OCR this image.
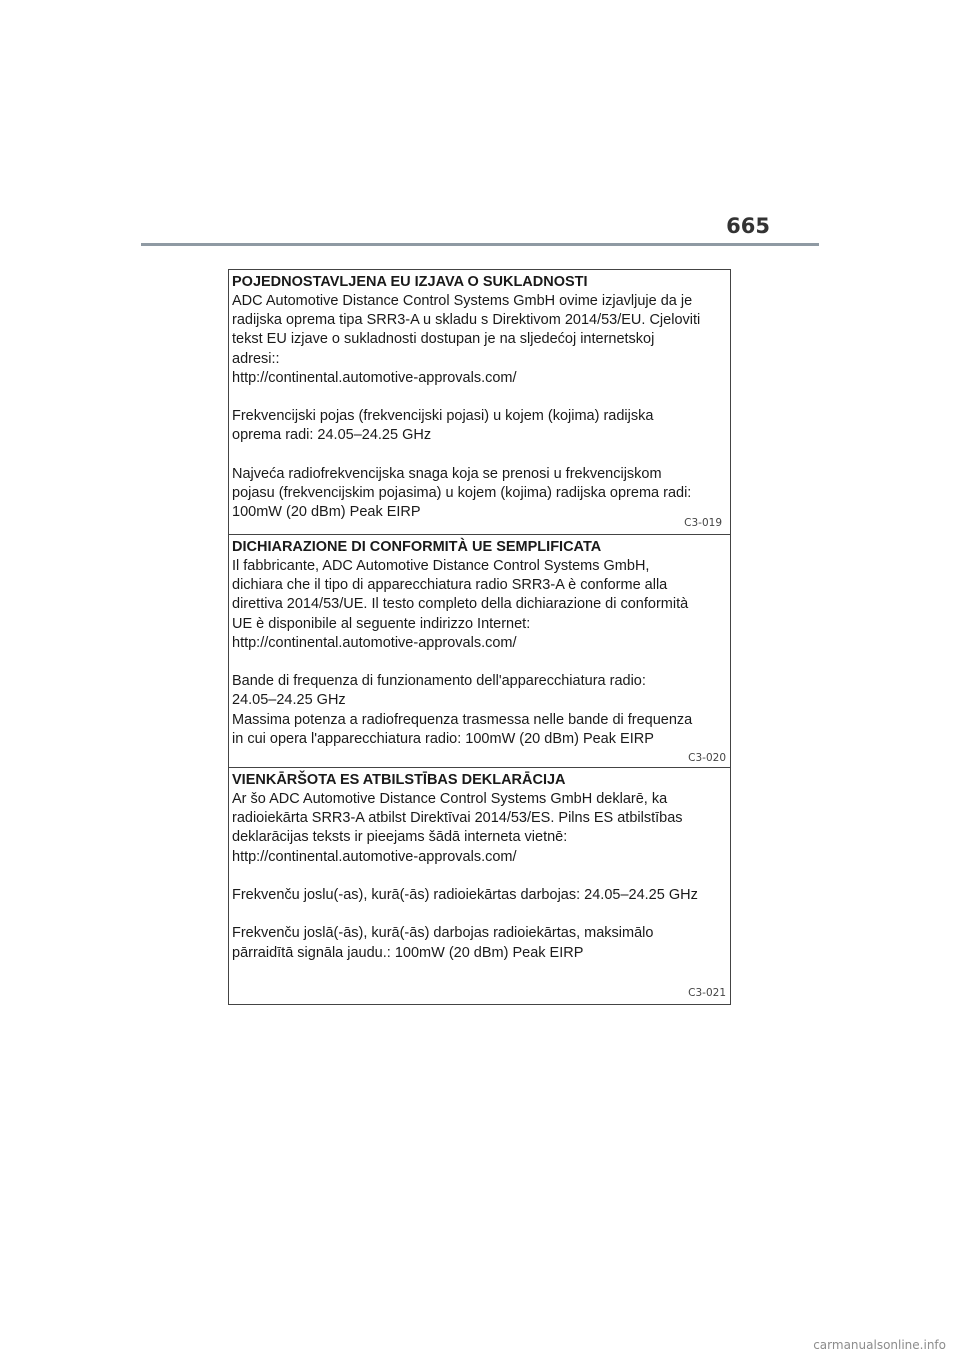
665
POJEDNOSTAVLJENA EU IZJAVA O SUKLADNOSTI
ADC Automotive Distance Control Systems GmbH ovime izjavljuje da je
radijska oprema tipa SRR3-A u skladu s Direktivom 2014/53/EU. Cjeloviti
tekst EU izjave o sukladnosti dostupan je na sljedećoj internetskoj
adresi::
http://continental.automotive-approvals.com/
Frekvencijski pojas (frekvencijski pojasi) u kojem (kojima) radijska
oprema radi: 24.05–24.25 GHz
Najveća radiofrekvencijska snaga koja se prenosi u frekvencijskom
pojasu (frekvencijskim pojasima) u kojem (kojima) radijska oprema radi:
100mW (20 dBm) Peak EIRP
C3-019
DICHIARAZIONE DI CONFORMITÀ UE SEMPLIFICATA
Il fabbricante, ADC Automotive Distance Control Systems GmbH,
dichiara che il tipo di apparecchiatura radio SRR3-A è conforme alla
direttiva 2014/53/UE. Il testo completo della dichiarazione di conformità
UE è disponibile al seguente indirizzo Internet:
http://continental.automotive-approvals.com/
Bande di frequenza di funzionamento dell'apparecchiatura radio:
24.05–24.25 GHz
Massima potenza a radiofrequenza trasmessa nelle bande di frequenza
in cui opera l'apparecchiatura radio: 100mW (20 dBm) Peak EIRP
C3-020
VIENKĀRŠOTA ES ATBILSTĪBAS DEKLARĀCIJA
Ar šo ADC Automotive Distance Control Systems GmbH deklarē, ka
radioiekārta SRR3-A atbilst Direktīvai 2014/53/ES. Pilns ES atbilstības
deklarācijas teksts ir pieejams šādā interneta vietnē:
http://continental.automotive-approvals.com/
Frekvenču joslu(-as), kurā(-ās) radioiekārtas darbojas: 24.05–24.25 GHz
Frekvenču joslā(-ās), kurā(-ās) darbojas radioiekārtas, maksimālo
pārraidītā signāla jaudu.: 100mW (20 dBm) Peak EIRP
C3-021
carmanualsonline.info
